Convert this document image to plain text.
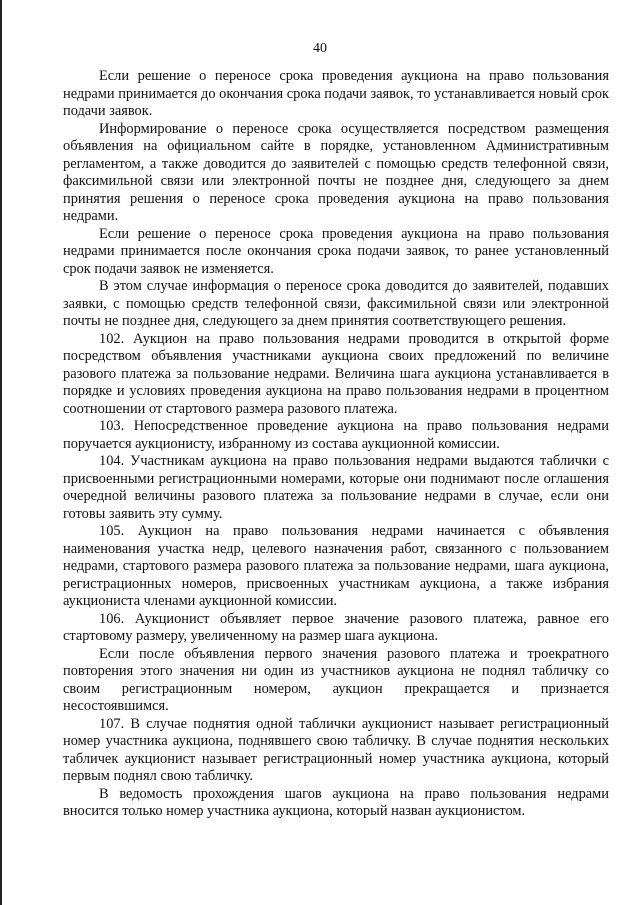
40

Если решение о переносе срока проведения аукциона на право пользования недрами принимается до окончания срока подачи заявок, то устанавливается новый срок подачи заявок.

Информирование о переносе срока осуществляется посредством размещения объявления на официальном сайте в порядке, установленном Административным регламентом, а также доводится до заявителей с помощью средств телефонной связи, факсимильной связи или электронной почты не позднее дня, следующего за днем принятия решения о переносе срока проведения аукциона на право пользования недрами.

Если решение о переносе срока проведения аукциона на право пользования недрами принимается после окончания срока подачи заявок, то ранее установленный срок подачи заявок не изменяется.

В этом случае информация о переносе срока доводится до заявителей, подавших заявки, с помощью средств телефонной связи, факсимильной связи или электронной почты не позднее дня, следующего за днем принятия соответствующего решения.

102. Аукцион на право пользования недрами проводится в открытой форме посредством объявления участниками аукциона своих предложений по величине разового платежа за пользование недрами. Величина шага аукциона устанавливается в порядке и условиях проведения аукциона на право пользования недрами в процентном соотношении от стартового размера разового платежа.

103. Непосредственное проведение аукциона на право пользования недрами поручается аукционисту, избранному из состава аукционной комиссии.

104. Участникам аукциона на право пользования недрами выдаются таблички с присвоенными регистрационными номерами, которые они поднимают после оглашения очередной величины разового платежа за пользование недрами в случае, если они готовы заявить эту сумму.

105. Аукцион на право пользования недрами начинается с объявления наименования участка недр, целевого назначения работ, связанного с пользованием недрами, стартового размера разового платежа за пользование недрами, шага аукциона, регистрационных номеров, присвоенных участникам аукциона, а также избрания аукциониста членами аукционной комиссии.

106. Аукционист объявляет первое значение разового платежа, равное его стартовому размеру, увеличенному на размер шага аукциона.

Если после объявления первого значения разового платежа и троекратного повторения этого значения ни один из участников аукциона не поднял табличку со своим регистрационным номером, аукцион прекращается и признается несостоявшимся.

107. В случае поднятия одной таблички аукционист называет регистрационный номер участника аукциона, поднявшего свою табличку. В случае поднятия нескольких табличек аукционист называет регистрационный номер участника аукциона, который первым поднял свою табличку.

В ведомость прохождения шагов аукциона на право пользования недрами вносится только номер участника аукциона, который назван аукционистом.
